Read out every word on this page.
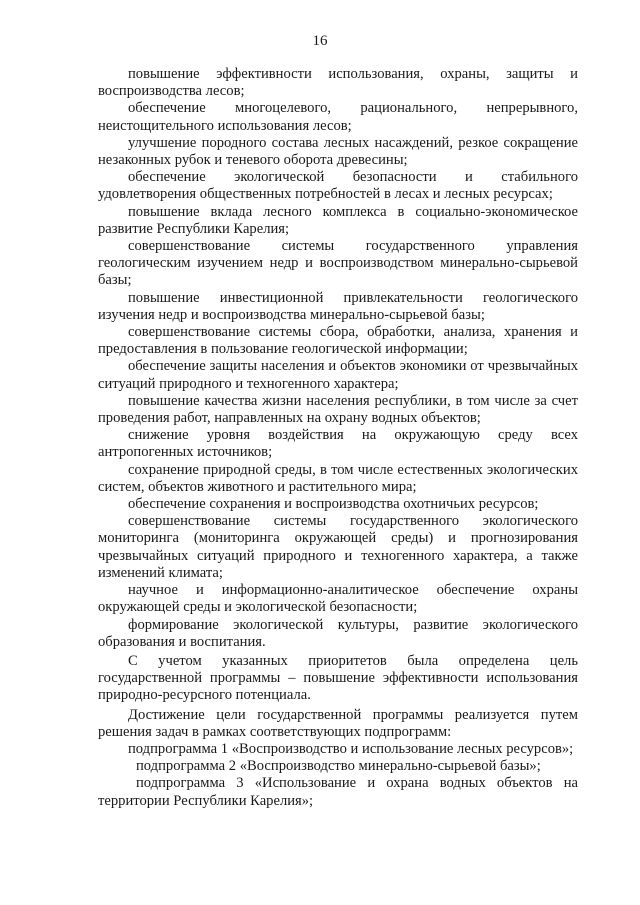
16

повышение эффективности использования, охраны, защиты и воспроизводства лесов;

обеспечение многоцелевого, рационального, непрерывного, неистощительного использования лесов;

улучшение породного состава лесных насаждений, резкое сокращение незаконных рубок и теневого оборота древесины;

обеспечение экологической безопасности и стабильного удовлетворения общественных потребностей в лесах и лесных ресурсах;

повышение вклада лесного комплекса в социально-экономическое развитие Республики Карелия;

совершенствование системы государственного управления геологическим изучением недр и воспроизводством минерально-сырьевой базы;

повышение инвестиционной привлекательности геологического изучения недр и воспроизводства минерально-сырьевой базы;

совершенствование системы сбора, обработки, анализа, хранения и предоставления в пользование геологической информации;

обеспечение защиты населения и объектов экономики от чрезвычайных ситуаций природного и техногенного характера;

повышение качества жизни населения республики, в том числе за счет проведения работ, направленных на охрану водных объектов;

снижение уровня воздействия на окружающую среду всех антропогенных источников;

сохранение природной среды, в том числе естественных экологических систем, объектов животного и растительного мира;

обеспечение сохранения и воспроизводства охотничьих ресурсов;

совершенствование системы государственного экологического мониторинга (мониторинга окружающей среды) и прогнозирования чрезвычайных ситуаций природного и техногенного характера, а также изменений климата;

научное и информационно-аналитическое обеспечение охраны окружающей среды и экологической безопасности;

формирование экологической культуры, развитие экологического образования и воспитания.

С учетом указанных приоритетов была определена цель государственной программы – повышение эффективности использования природно-ресурсного потенциала.

Достижение цели государственной программы реализуется путем решения задач в рамках соответствующих подпрограмм:

подпрограмма 1 «Воспроизводство и использование лесных ресурсов»;

подпрограмма 2 «Воспроизводство минерально-сырьевой базы»;

подпрограмма 3 «Использование и охрана водных объектов на территории Республики Карелия»;
